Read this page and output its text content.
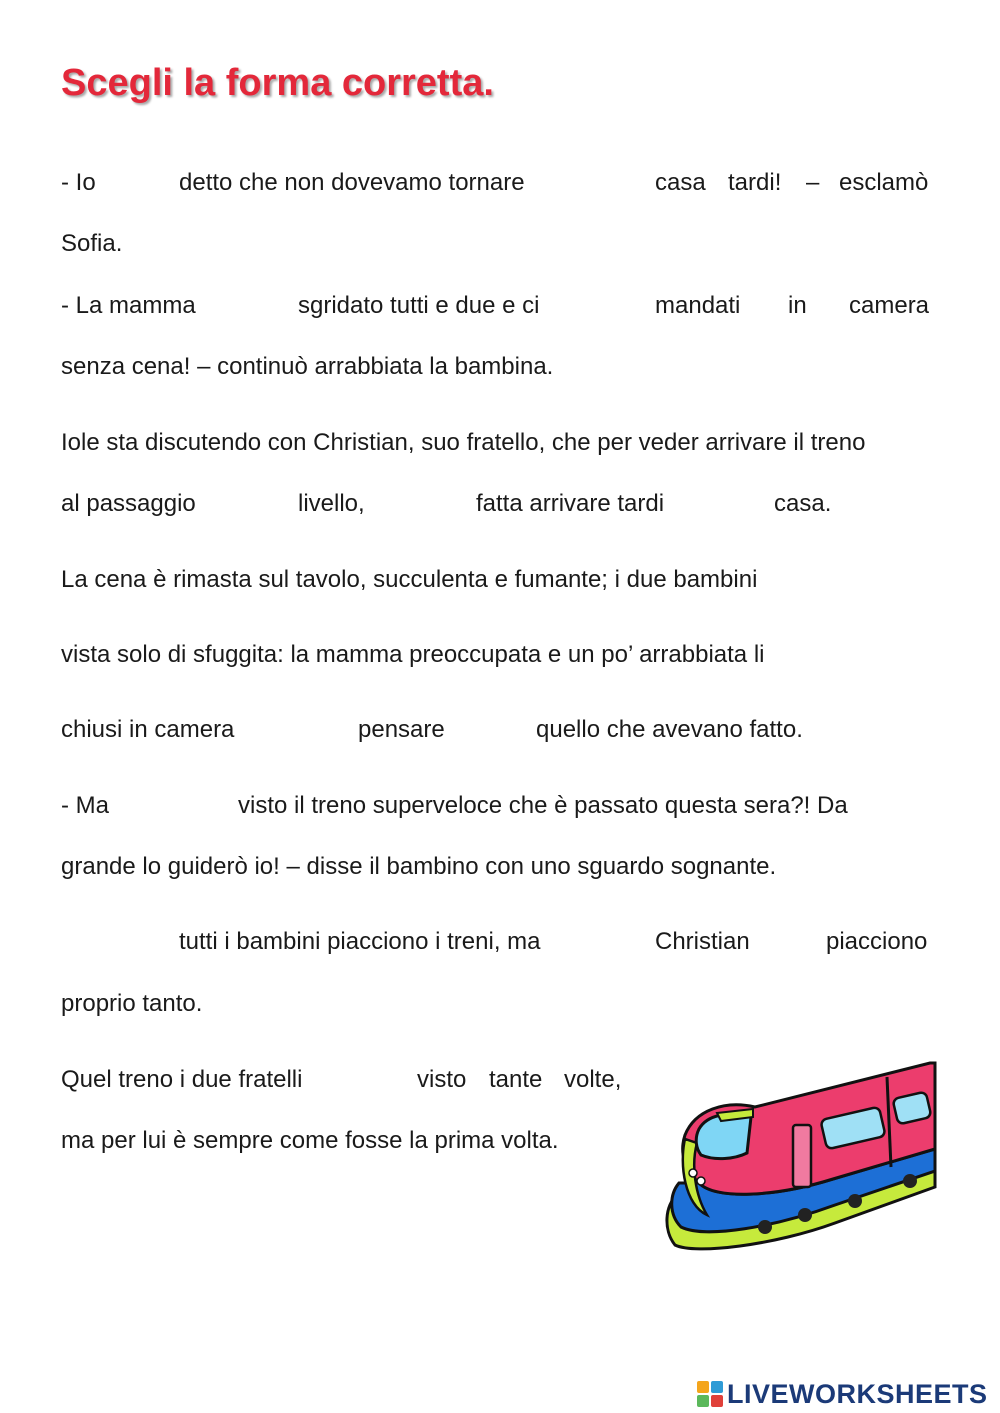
Scegli la forma corretta.
- Io	detto che non dovevamo tornare	casa tardi! – esclamò
Sofia.
- La mamma	sgridato tutti e due e ci	mandati in camera
senza cena! – continuò arrabbiata la bambina.
Iole sta discutendo con Christian, suo fratello, che per veder arrivare il treno
al passaggio	livello,	fatta arrivare tardi	casa.
La cena è rimasta sul tavolo, succulenta e fumante; i due bambini
vista solo di sfuggita: la mamma preoccupata e un po’ arrabbiata li
chiusi in camera	pensare	quello che avevano fatto.
- Ma	visto il treno superveloce che è passato questa sera?! Da
grande lo guiderò io! – disse il bambino con uno sguardo sognante.
tutti i bambini piacciono i treni, ma	Christian	piacciono
proprio tanto.
Quel treno i due fratelli	visto tante volte,
ma per lui è sempre come fosse la prima volta.
LIVEWORKSHEETS
